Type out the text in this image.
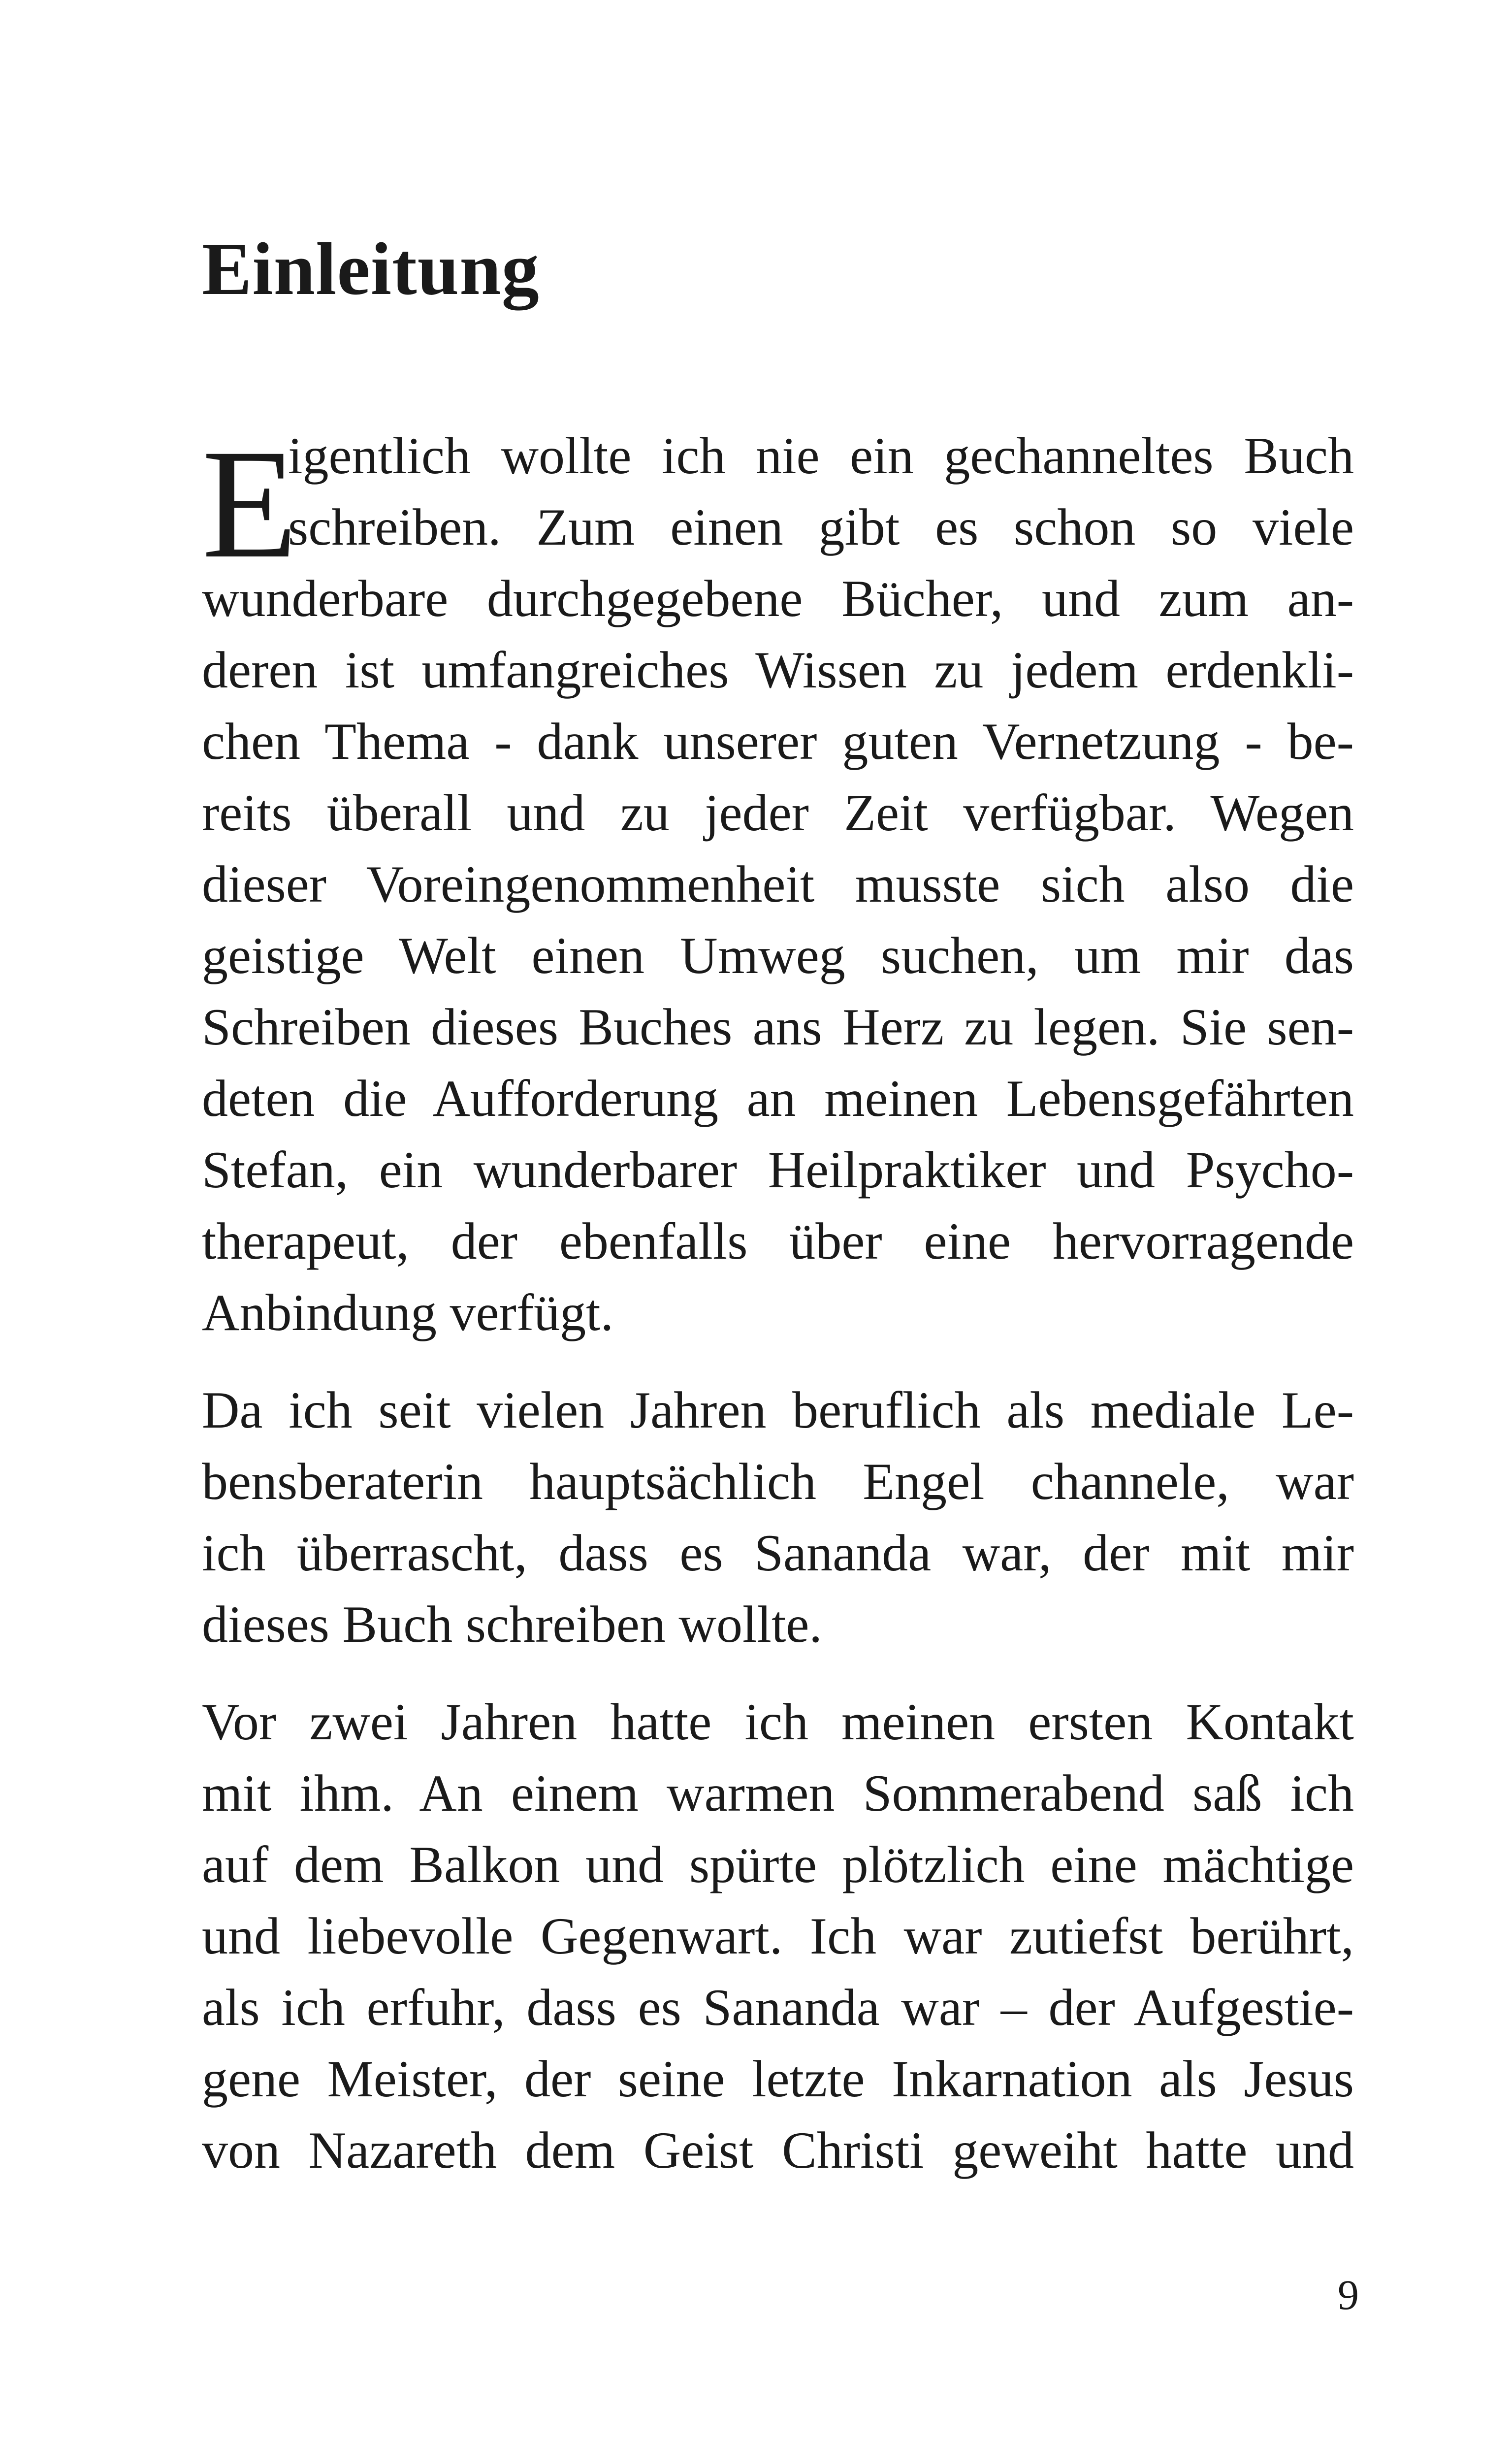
Einleitung
E
igentlich wollte ich nie ein gechanneltes Buch
schreiben. Zum einen gibt es schon so viele
wunderbare durchgegebene Bücher, und zum an-
deren ist umfangreiches Wissen zu jedem erdenkli-
chen Thema - dank unserer guten Vernetzung - be-
reits überall und zu jeder Zeit verfügbar. Wegen
dieser Voreingenommenheit musste sich also die
geistige Welt einen Umweg suchen, um mir das
Schreiben dieses Buches ans Herz zu legen. Sie sen-
deten die Aufforderung an meinen Lebensgefährten
Stefan, ein wunderbarer Heilpraktiker und Psycho-
therapeut, der ebenfalls über eine hervorragende
Anbindung verfügt.
Da ich seit vielen Jahren beruflich als mediale Le-
bensberaterin hauptsächlich Engel channele, war
ich überrascht, dass es Sananda war, der mit mir
dieses Buch schreiben wollte.
Vor zwei Jahren hatte ich meinen ersten Kontakt
mit ihm. An einem warmen Sommerabend saß ich
auf dem Balkon und spürte plötzlich eine mächtige
und liebevolle Gegenwart. Ich war zutiefst berührt,
als ich erfuhr, dass es Sananda war – der Aufgestie-
gene Meister, der seine letzte Inkarnation als Jesus
von Nazareth dem Geist Christi geweiht hatte und
9
